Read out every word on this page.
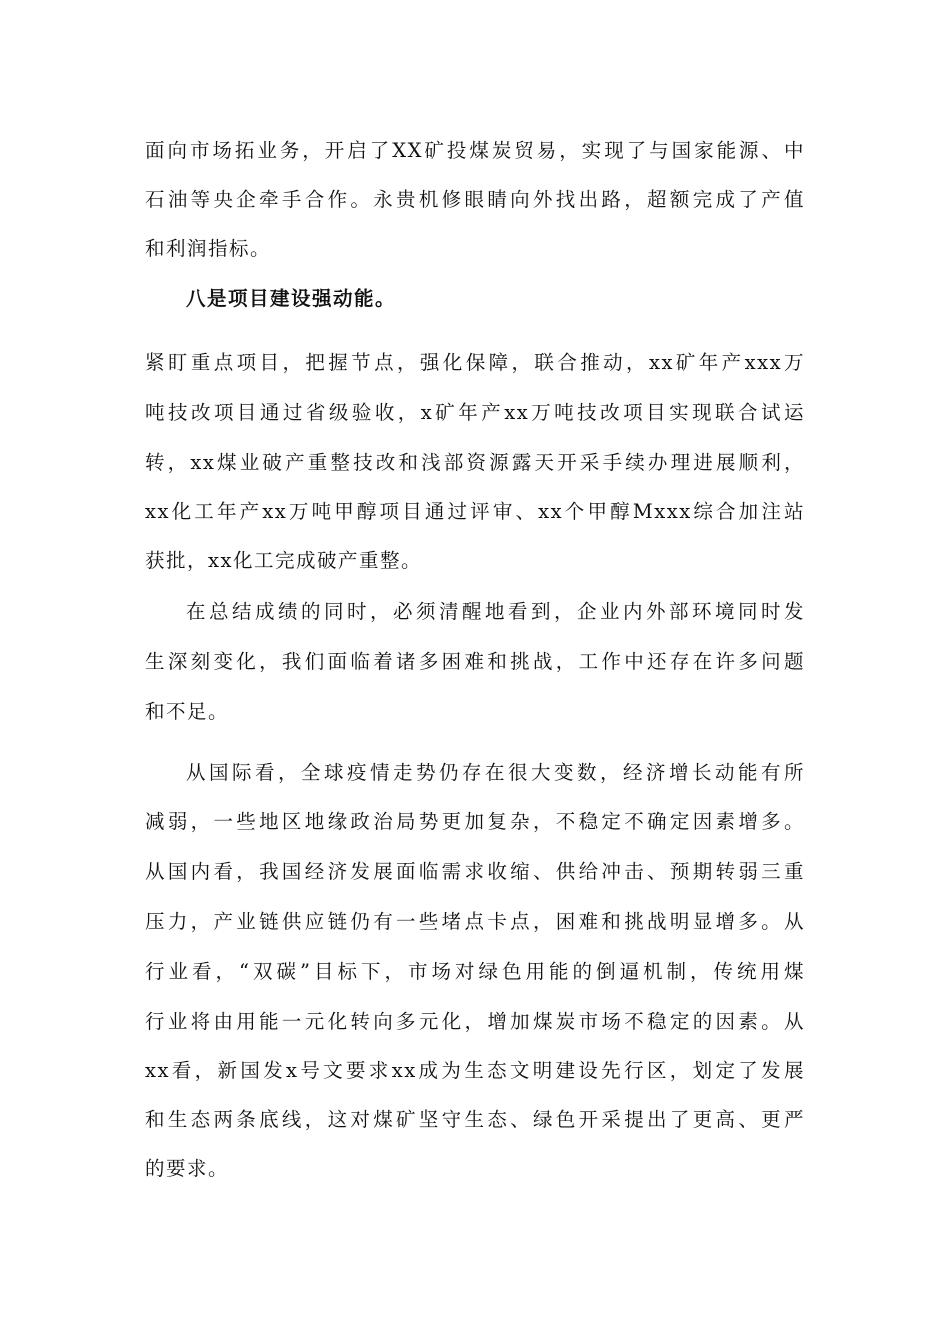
面向市场拓业务，开启了XX矿投煤炭贸易，实现了与国家能源、中
石油等央企牵手合作。永贵机修眼睛向外找出路，超额完成了产值
和利润指标。
八是项目建设强动能。
紧盯重点项目，把握节点，强化保障，联合推动，xx矿年产xxx万
吨技改项目通过省级验收，x矿年产xx万吨技改项目实现联合试运
转，xx煤业破产重整技改和浅部资源露天开采手续办理进展顺利，
xx化工年产xx万吨甲醇项目通过评审、xx个甲醇Mxxx综合加注站
获批，xx化工完成破产重整。
在总结成绩的同时，必须清醒地看到，企业内外部环境同时发
生深刻变化，我们面临着诸多困难和挑战，工作中还存在许多问题
和不足。
从国际看，全球疫情走势仍存在很大变数，经济增长动能有所
减弱，一些地区地缘政治局势更加复杂，不稳定不确定因素增多。
从国内看，我国经济发展面临需求收缩、供给冲击、预期转弱三重
压力，产业链供应链仍有一些堵点卡点，困难和挑战明显增多。从
行业看，“双碳”目标下，市场对绿色用能的倒逼机制，传统用煤
行业将由用能一元化转向多元化，增加煤炭市场不稳定的因素。从
xx看，新国发x号文要求xx成为生态文明建设先行区，划定了发展
和生态两条底线，这对煤矿坚守生态、绿色开采提出了更高、更严
的要求。
